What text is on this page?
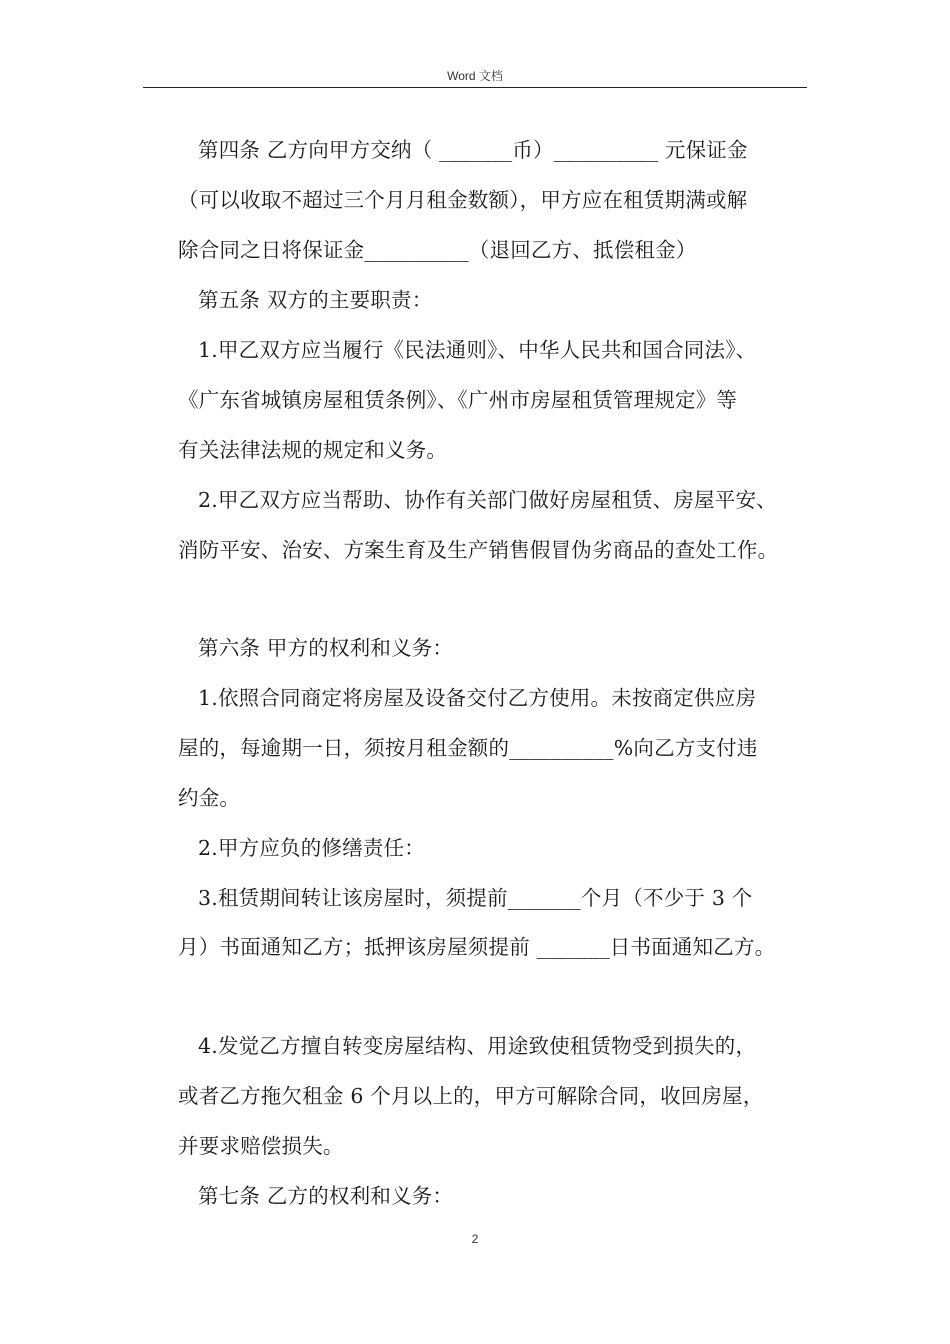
Word 文档
第四条 乙方向甲方交纳（ _______币）__________ 元保证金
（可以收取不超过三个月月租金数额），甲方应在租赁期满或解
除合同之日将保证金__________（退回乙方、抵偿租金）
第五条 双方的主要职责：
1.甲乙双方应当履行《民法通则》、中华人民共和国合同法》、
《广东省城镇房屋租赁条例》、《广州市房屋租赁管理规定》等
有关法律法规的规定和义务。
2.甲乙双方应当帮助、协作有关部门做好房屋租赁、房屋平安、
消防平安、治安、方案生育及生产销售假冒伪劣商品的查处工作。
第六条 甲方的权利和义务：
1.依照合同商定将房屋及设备交付乙方使用。未按商定供应房
屋的，每逾期一日，须按月租金额的__________%向乙方支付违
约金。
2.甲方应负的修缮责任：
3.租赁期间转让该房屋时，须提前_______个月（不少于 3 个
月）书面通知乙方；抵押该房屋须提前 _______日书面通知乙方。
4.发觉乙方擅自转变房屋结构、用途致使租赁物受到损失的，
或者乙方拖欠租金 6 个月以上的，甲方可解除合同，收回房屋，
并要求赔偿损失。
第七条 乙方的权利和义务：
2
